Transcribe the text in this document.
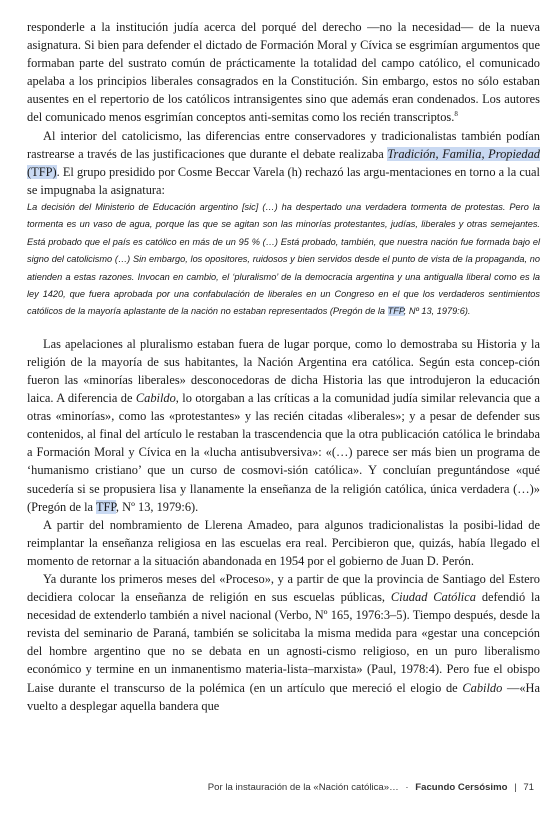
responderle a la institución judía acerca del porqué del derecho —no la necesidad— de la nueva asignatura. Si bien para defender el dictado de Formación Moral y Cívica se esgrimían argumentos que formaban parte del sustrato común de prácticamente la totalidad del campo católico, el comunicado apelaba a los principios liberales consagrados en la Constitución. Sin embargo, estos no sólo estaban ausentes en el repertorio de los católicos intransigentes sino que además eran condenados. Los autores del comunicado menos esgrimían conceptos anti-semitas como los recién transcriptos.$^8$

Al interior del catolicismo, las diferencias entre conservadores y tradicionalistas también podían rastrearse a través de las justificaciones que durante el debate realizaba Tradición, Familia, Propiedad (TFP). El grupo presidido por Cosme Beccar Varela (h) rechazó las argu-mentaciones en torno a la cual se impugnaba la asignatura:

La decisión del Ministerio de Educación argentino [sic] (…) ha despertado una verdadera tormenta de protestas. Pero la tormenta es un vaso de agua, porque las que se agitan son las minorías protestantes, judías, liberales y otras semejantes. Está probado que el país es católico en más de un 95 % (…) Está probado, también, que nuestra nación fue formada bajo el signo del catolicismo (…) Sin embargo, los opositores, ruidosos y bien servidos desde el punto de vista de la propaganda, no atienden a estas razones. Invocan en cambio, el ‘pluralismo’ de la democracia argentina y una antigualla liberal como es la ley 1420, que fuera aprobada por una confabulación de liberales en un Congreso en el que los verdaderos sentimientos católicos de la mayoría aplastante de la nación no estaban representados (Pregón de la TFP, Nº 13, 1979:6).

Las apelaciones al pluralismo estaban fuera de lugar porque, como lo demostraba su Historia y la religión de la mayoría de sus habitantes, la Nación Argentina era católica. Según esta concep-ción fueron las «minorías liberales» desconocedoras de dicha Historia las que introdujeron la educación laica. A diferencia de Cabildo, lo otorgaban a las críticas a la comunidad judía similar relevancia que a otras «minorías», como las «protestantes» y las recién citadas «liberales»; y a pesar de defender sus contenidos, al final del artículo le restaban la trascendencia que la otra publicación católica le brindaba a Formación Moral y Cívica en la «lucha antisubversiva»: «(…) parece ser más bien un programa de ‘humanismo cristiano’ que un curso de cosmovi-sión católica». Y concluían preguntándose «qué sucedería si se propusiera lisa y llanamente la enseñanza de la religión católica, única verdadera (…)» (Pregón de la TFP, Nº 13, 1979:6).

A partir del nombramiento de Llerena Amadeo, para algunos tradicionalistas la posibi-lidad de reimplantar la enseñanza religiosa en las escuelas era real. Percibieron que, quizás, había llegado el momento de retornar a la situación abandonada en 1954 por el gobierno de Juan D. Perón.

Ya durante los primeros meses del «Proceso», y a partir de que la provincia de Santiago del Estero decidiera colocar la enseñanza de religión en sus escuelas públicas, Ciudad Católica defendió la necesidad de extenderlo también a nivel nacional (Verbo, Nº 165, 1976:3–5). Tiempo después, desde la revista del seminario de Paraná, también se solicitaba la misma medida para «gestar una concepción del hombre argentino que no se debata en un agnosti-cismo religioso, en un puro liberalismo económico y termine en un inmanentismo materia-lista–marxista» (Paul, 1978:4). Pero fue el obispo Laise durante el transcurso de la polémica (en un artículo que mereció el elogio de Cabildo —«Ha vuelto a desplegar aquella bandera que

Por la instauración de la «Nación católica»… · Facundo Cersósimo | 71
